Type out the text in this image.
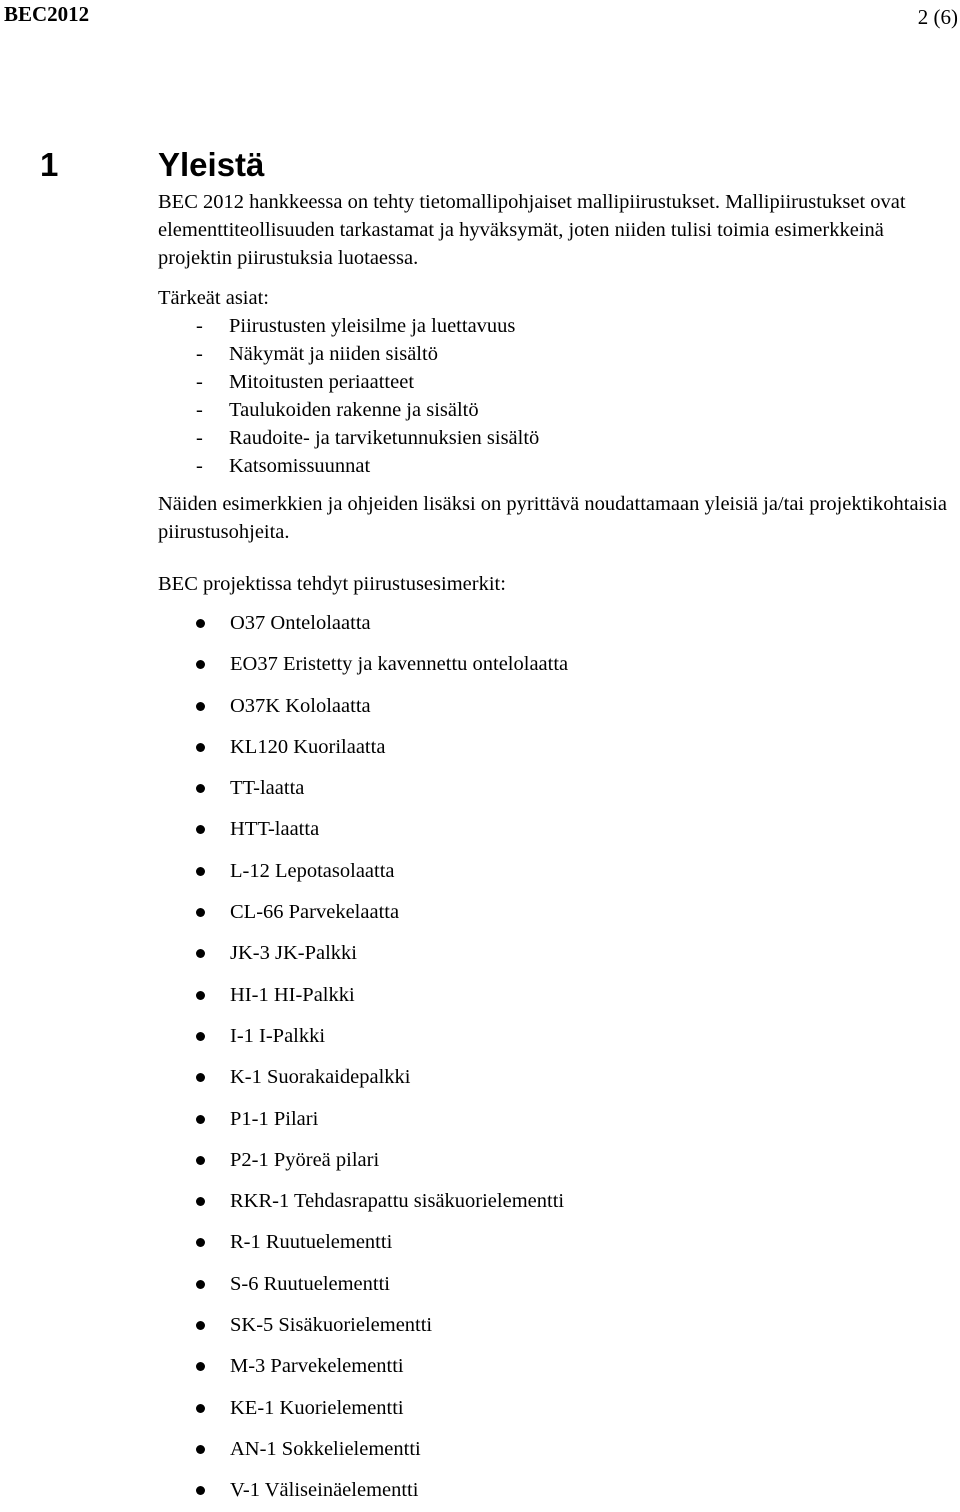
BEC2012	2 (6)
1	Yleistä

BEC 2012 hankkeessa on tehty tietomallipohjaiset mallipiirustukset. Mallipiirustukset ovat elementtiteollisuuden tarkastamat ja hyväksymät, joten niiden tulisi toimia esimerkkeinä projektin piirustuksia luotaessa.

Tärkeät asiat:
- Piirustusten yleisilme ja luettavuus
- Näkymät ja niiden sisältö
- Mitoitusten periaatteet
- Taulukoiden rakenne ja sisältö
- Raudoite- ja tarviketunnuksien sisältö
- Katsomissuunnat

Näiden esimerkkien ja ohjeiden lisäksi on pyrittävä noudattamaan yleisiä ja/tai projektikohtaisia piirustusohjeita.

BEC projektissa tehdyt piirustusesimerkit:

O37 Ontelolaatta
EO37 Eristetty ja kavennettu ontelolaatta
O37K Kololaatta
KL120 Kuorilaatta
TT-laatta
HTT-laatta
L-12 Lepotasolaatta
CL-66 Parvekelaatta
JK-3 JK-Palkki
HI-1 HI-Palkki
I-1 I-Palkki
K-1 Suorakaidepalkki
P1-1 Pilari
P2-1 Pyöreä pilari
RKR-1 Tehdasrapattu sisäkuorielementti
R-1 Ruutuelementti
S-6 Ruutuelementti
SK-5 Sisäkuorielementti
M-3 Parvekelementti
KE-1 Kuorielementti
AN-1 Sokkelielementti
V-1 Väliseinäelementti
